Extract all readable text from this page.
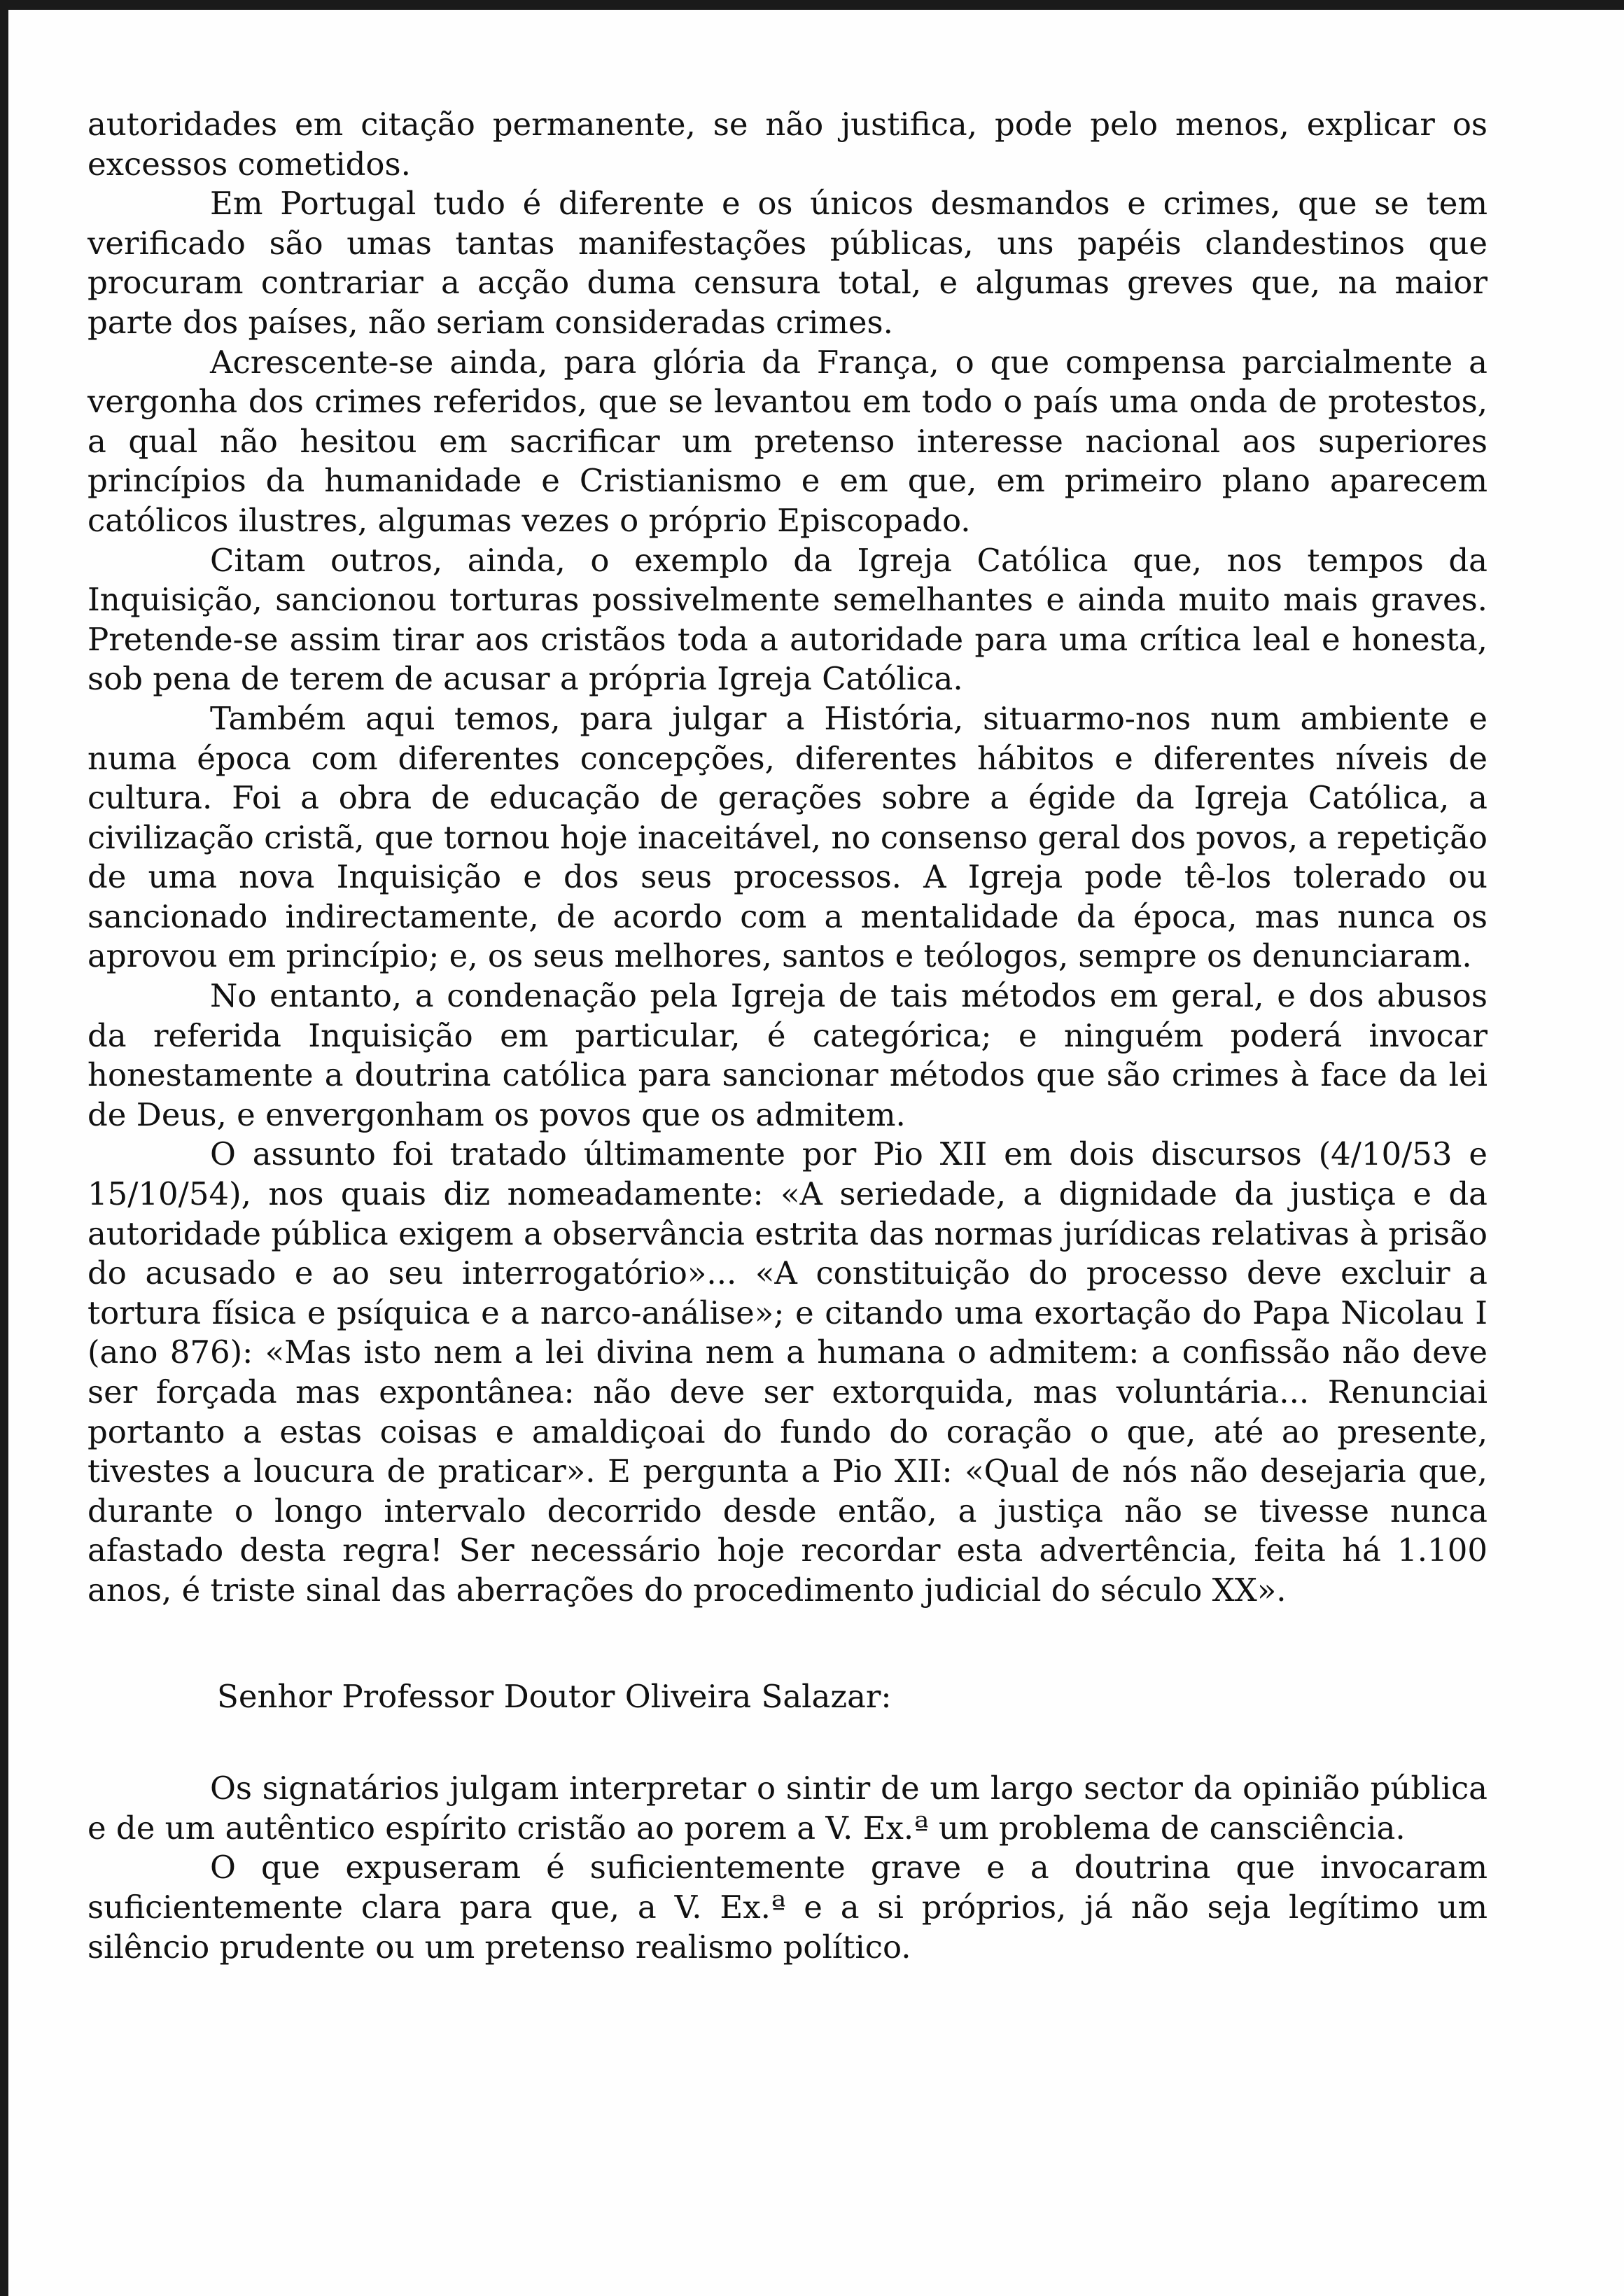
autoridades em citação permanente, se não justifica, pode pelo menos, explicar os excessos cometidos.

Em Portugal tudo é diferente e os únicos desmandos e crimes, que se tem verificado são umas tantas manifestações públicas, uns papéis clandestinos que procuram contrariar a acção duma censura total, e algumas greves que, na maior parte dos países, não seriam consideradas crimes.

Acrescente-se ainda, para glória da França, o que compensa parcialmente a vergonha dos crimes referidos, que se levantou em todo o país uma onda de protestos, a qual não hesitou em sacrificar um pretenso interesse nacional aos superiores princípios da humanidade e Cristianismo e em que, em primeiro plano aparecem católicos ilustres, algumas vezes o próprio Episcopado.

Citam outros, ainda, o exemplo da Igreja Católica que, nos tempos da Inquisição, sancionou torturas possivelmente semelhantes e ainda muito mais graves. Pretende-se assim tirar aos cristãos toda a autoridade para uma crítica leal e honesta, sob pena de terem de acusar a própria Igreja Católica.

Também aqui temos, para julgar a História, situarmo-nos num ambiente e numa época com diferentes concepções, diferentes hábitos e diferentes níveis de cultura. Foi a obra de educação de gerações sobre a égide da Igreja Católica, a civilização cristã, que tornou hoje inaceitável, no consenso geral dos povos, a repetição de uma nova Inquisição e dos seus processos. A Igreja pode tê-los tolerado ou sancionado indirectamente, de acordo com a mentalidade da época, mas nunca os aprovou em princípio; e, os seus melhores, santos e teólogos, sempre os denunciaram.

No entanto, a condenação pela Igreja de tais métodos em geral, e dos abusos da referida Inquisição em particular, é categórica; e ninguém poderá invocar honestamente a doutrina católica para sancionar métodos que são crimes à face da lei de Deus, e envergonham os povos que os admitem.

O assunto foi tratado últimamente por Pio XII em dois discursos (4/10/53 e 15/10/54), nos quais diz nomeadamente: «A seriedade, a dignidade da justiça e da autoridade pública exigem a observância estrita das normas jurídicas relativas à prisão do acusado e ao seu interrogatório»... «A constituição do processo deve excluir a tortura física e psíquica e a narco-análise»; e citando uma exortação do Papa Nicolau I (ano 876): «Mas isto nem a lei divina nem a humana o admitem: a confissão não deve ser forçada mas expontânea: não deve ser extorquida, mas voluntária... Renunciai portanto a estas coisas e amaldiçoai do fundo do coração o que, até ao presente, tivestes a loucura de praticar». E pergunta a Pio XII: «Qual de nós não desejaria que, durante o longo intervalo decorrido desde então, a justiça não se tivesse nunca afastado desta regra! Ser necessário hoje recordar esta advertência, feita há 1.100 anos, é triste sinal das aberrações do procedimento judicial do século XX».

Senhor Professor Doutor Oliveira Salazar:

Os signatários julgam interpretar o sintir de um largo sector da opinião pública e de um autêntico espírito cristão ao porem a V. Ex.ª um problema de cansciência.

O que expuseram é suficientemente grave e a doutrina que invocaram suficientemente clara para que, a V. Ex.ª e a si próprios, já não seja legítimo um silêncio prudente ou um pretenso realismo político.
